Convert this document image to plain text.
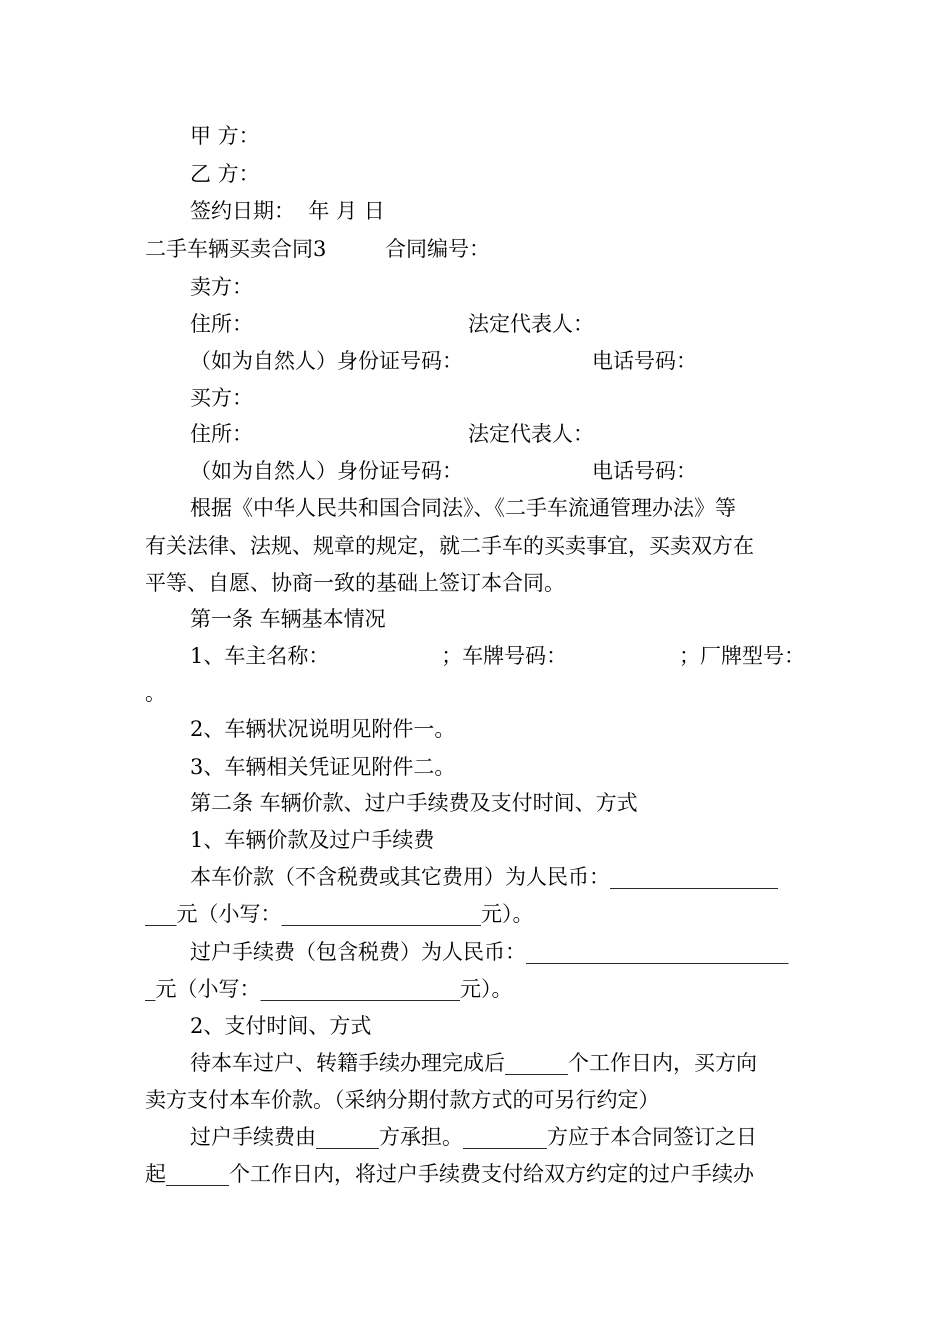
甲 方：
乙 方：
签约日期：  年 月 日
二手车辆买卖合同3	合同编号：
卖方：
住所：	法定代表人：
（如为自然人）身份证号码：	电话号码：
买方：
住所：	法定代表人：
（如为自然人）身份证号码：	电话号码：
根据《中华人民共和国合同法》、《二手车流通管理办法》等
有关法律、法规、规章的规定，就二手车的买卖事宜，买卖双方在
平等、自愿、协商一致的基础上签订本合同。
第一条 车辆基本情况
1、车主名称：	；车牌号码：	；厂牌型号：
。
2、车辆状况说明见附件一。
3、车辆相关凭证见附件二。
第二条 车辆价款、过户手续费及支付时间、方式
1、车辆价款及过户手续费
本车价款（不含税费或其它费用）为人民币：________________
___元（小写：___________________元）。
过户手续费（包含税费）为人民币：_________________________
_元（小写：___________________元）。
2、支付时间、方式
待本车过户、转籍手续办理完成后______个工作日内，买方向
卖方支付本车价款。（采纳分期付款方式的可另行约定）
过户手续费由______方承担。________方应于本合同签订之日
起______个工作日内，将过户手续费支付给双方约定的过户手续办
